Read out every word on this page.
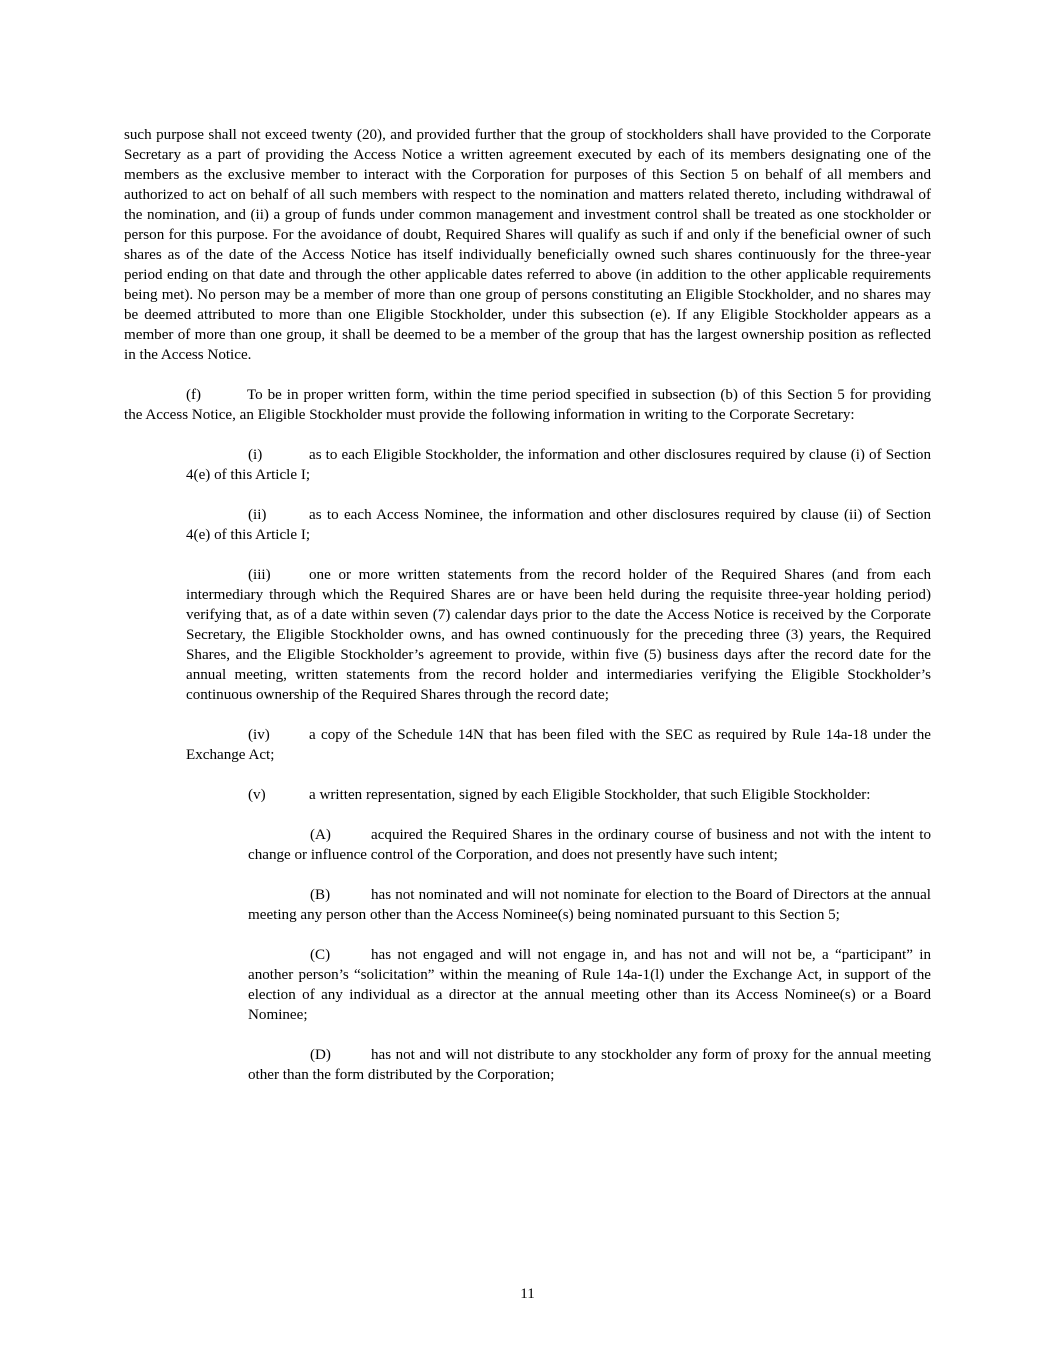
such purpose shall not exceed twenty (20), and provided further that the group of stockholders shall have provided to the Corporate Secretary as a part of providing the Access Notice a written agreement executed by each of its members designating one of the members as the exclusive member to interact with the Corporation for purposes of this Section 5 on behalf of all members and authorized to act on behalf of all such members with respect to the nomination and matters related thereto, including withdrawal of the nomination, and (ii) a group of funds under common management and investment control shall be treated as one stockholder or person for this purpose. For the avoidance of doubt, Required Shares will qualify as such if and only if the beneficial owner of such shares as of the date of the Access Notice has itself individually beneficially owned such shares continuously for the three-year period ending on that date and through the other applicable dates referred to above (in addition to the other applicable requirements being met). No person may be a member of more than one group of persons constituting an Eligible Stockholder, and no shares may be deemed attributed to more than one Eligible Stockholder, under this subsection (e). If any Eligible Stockholder appears as a member of more than one group, it shall be deemed to be a member of the group that has the largest ownership position as reflected in the Access Notice.

(f)	To be in proper written form, within the time period specified in subsection (b) of this Section 5 for providing the Access Notice, an Eligible Stockholder must provide the following information in writing to the Corporate Secretary:

(i)	as to each Eligible Stockholder, the information and other disclosures required by clause (i) of Section 4(e) of this Article I;

(ii)	as to each Access Nominee, the information and other disclosures required by clause (ii) of Section 4(e) of this Article I;

(iii)	one or more written statements from the record holder of the Required Shares (and from each intermediary through which the Required Shares are or have been held during the requisite three-year holding period) verifying that, as of a date within seven (7) calendar days prior to the date the Access Notice is received by the Corporate Secretary, the Eligible Stockholder owns, and has owned continuously for the preceding three (3) years, the Required Shares, and the Eligible Stockholder’s agreement to provide, within five (5) business days after the record date for the annual meeting, written statements from the record holder and intermediaries verifying the Eligible Stockholder’s continuous ownership of the Required Shares through the record date;

(iv)	a copy of the Schedule 14N that has been filed with the SEC as required by Rule 14a-18 under the Exchange Act;

(v)	a written representation, signed by each Eligible Stockholder, that such Eligible Stockholder:

(A)	acquired the Required Shares in the ordinary course of business and not with the intent to change or influence control of the Corporation, and does not presently have such intent;

(B)	has not nominated and will not nominate for election to the Board of Directors at the annual meeting any person other than the Access Nominee(s) being nominated pursuant to this Section 5;

(C)	has not engaged and will not engage in, and has not and will not be, a “participant” in another person’s “solicitation” within the meaning of Rule 14a-1(l) under the Exchange Act, in support of the election of any individual as a director at the annual meeting other than its Access Nominee(s) or a Board Nominee;

(D)	has not and will not distribute to any stockholder any form of proxy for the annual meeting other than the form distributed by the Corporation;

11
